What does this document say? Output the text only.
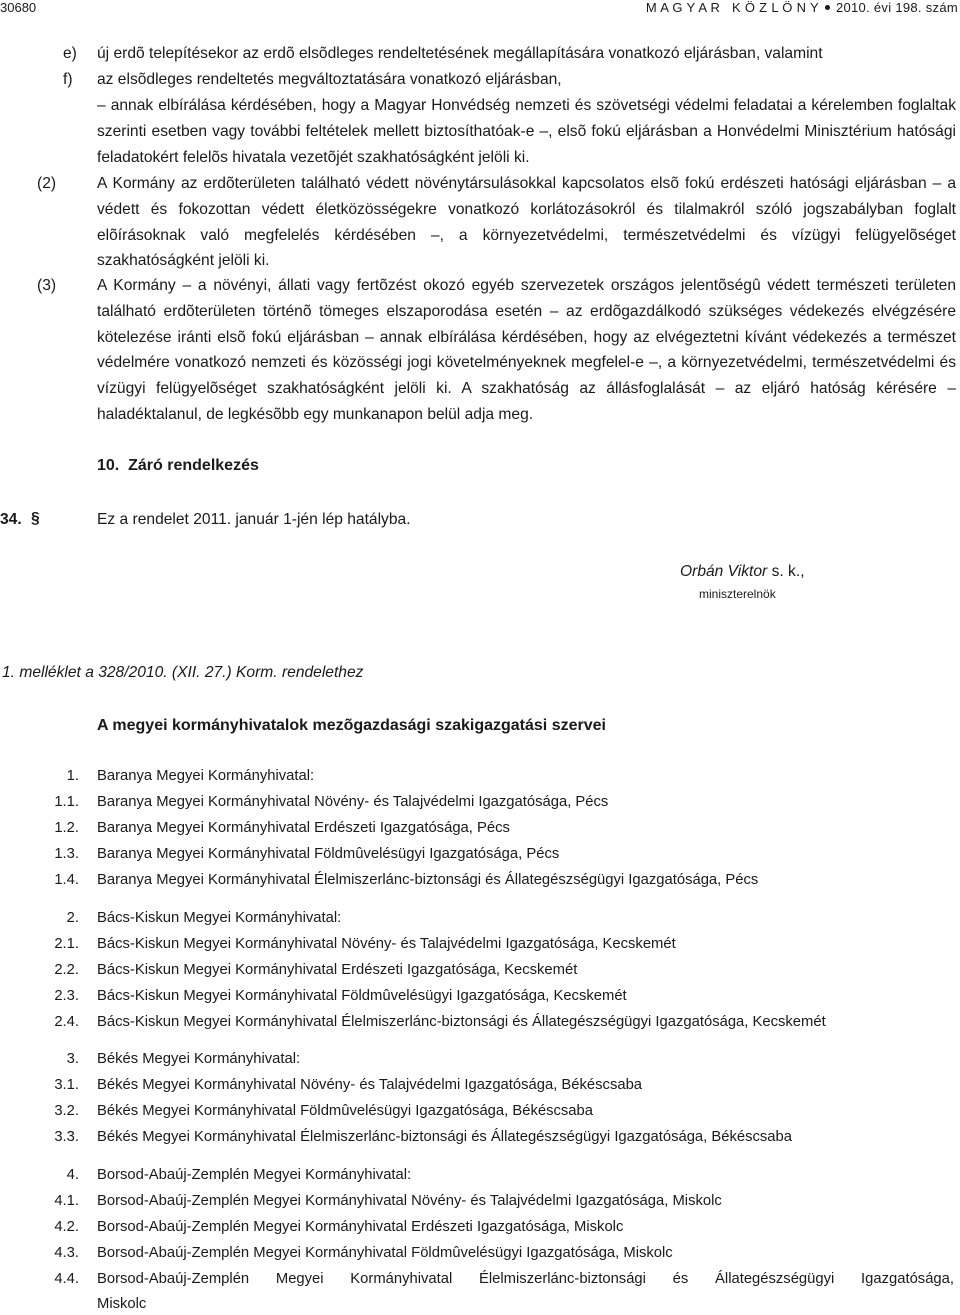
30680	M A G Y A R   K Ö Z L Ö N Y 2010. évi 198. szám
e) új erdõ telepítésekor az erdõ elsõdleges rendeltetésének megállapítására vonatkozó eljárásban, valamint
f) az elsõdleges rendeltetés megváltoztatására vonatkozó eljárásban,
– annak elbírálása kérdésében, hogy a Magyar Honvédség nemzeti és szövetségi védelmi feladatai a kérelemben foglaltak szerinti esetben vagy további feltételek mellett biztosíthatóak-e –, elsõ fokú eljárásban a Honvédelmi Minisztérium hatósági feladatokért felelõs hivatala vezetõjét szakhatóságként jelöli ki.
(2)	A Kormány az erdõterületen található védett növénytársulásokkal kapcsolatos elsõ fokú erdészeti hatósági eljárásban – a védett és fokozottan védett életközösségekre vonatkozó korlátozásokról és tilalmakról szóló jogszabályban foglalt elõírásoknak való megfelelés kérdésében –, a környezetvédelmi, természetvédelmi és vízügyi felügyelõséget szakhatóságként jelöli ki.
(3)	A Kormány – a növényi, állati vagy fertõzést okozó egyéb szervezetek országos jelentõségû védett természeti területen található erdõterületen történõ tömeges elszaporodása esetén – az erdõgazdálkodó szükséges védekezés elvégzésére kötelezése iránti elsõ fokú eljárásban – annak elbírálása kérdésében, hogy az elvégeztetni kívánt védekezés a természet védelmére vonatkozó nemzeti és közösségi jogi követelményeknek megfelel-e –, a környezetvédelmi, természetvédelmi és vízügyi felügyelõséget szakhatóságként jelöli ki. A szakhatóság az állásfoglalását – az eljáró hatóság kérésére – haladéktalanul, de legkésõbb egy munkanapon belül adja meg.
10.  Záró rendelkezés
34. §	Ez a rendelet 2011. január 1-jén lép hatályba.
Orbán Viktor s. k.,
miniszterelnök
1. melléklet a 328/2010. (XII. 27.) Korm. rendelethez
A megyei kormányhivatalok mezõgazdasági szakigazgatási szervei
1. Baranya Megyei Kormányhivatal:
1.1. Baranya Megyei Kormányhivatal Növény- és Talajvédelmi Igazgatósága, Pécs
1.2. Baranya Megyei Kormányhivatal Erdészeti Igazgatósága, Pécs
1.3. Baranya Megyei Kormányhivatal Földmûvelésügyi Igazgatósága, Pécs
1.4. Baranya Megyei Kormányhivatal Élelmiszerlánc-biztonsági és Állategészségügyi Igazgatósága, Pécs
2. Bács-Kiskun Megyei Kormányhivatal:
2.1. Bács-Kiskun Megyei Kormányhivatal Növény- és Talajvédelmi Igazgatósága, Kecskemét
2.2. Bács-Kiskun Megyei Kormányhivatal Erdészeti Igazgatósága, Kecskemét
2.3. Bács-Kiskun Megyei Kormányhivatal Földmûvelésügyi Igazgatósága, Kecskemét
2.4. Bács-Kiskun Megyei Kormányhivatal Élelmiszerlánc-biztonsági és Állategészségügyi Igazgatósága, Kecskemét
3. Békés Megyei Kormányhivatal:
3.1. Békés Megyei Kormányhivatal Növény- és Talajvédelmi Igazgatósága, Békéscsaba
3.2. Békés Megyei Kormányhivatal Földmûvelésügyi Igazgatósága, Békéscsaba
3.3. Békés Megyei Kormányhivatal Élelmiszerlánc-biztonsági és Állategészségügyi Igazgatósága, Békéscsaba
4. Borsod-Abaúj-Zemplén Megyei Kormányhivatal:
4.1. Borsod-Abaúj-Zemplén Megyei Kormányhivatal Növény- és Talajvédelmi Igazgatósága, Miskolc
4.2. Borsod-Abaúj-Zemplén Megyei Kormányhivatal Erdészeti Igazgatósága, Miskolc
4.3. Borsod-Abaúj-Zemplén Megyei Kormányhivatal Földmûvelésügyi Igazgatósága, Miskolc
4.4. Borsod-Abaúj-Zemplén Megyei Kormányhivatal Élelmiszerlánc-biztonsági és Állategészségügyi Igazgatósága,
Miskolc
